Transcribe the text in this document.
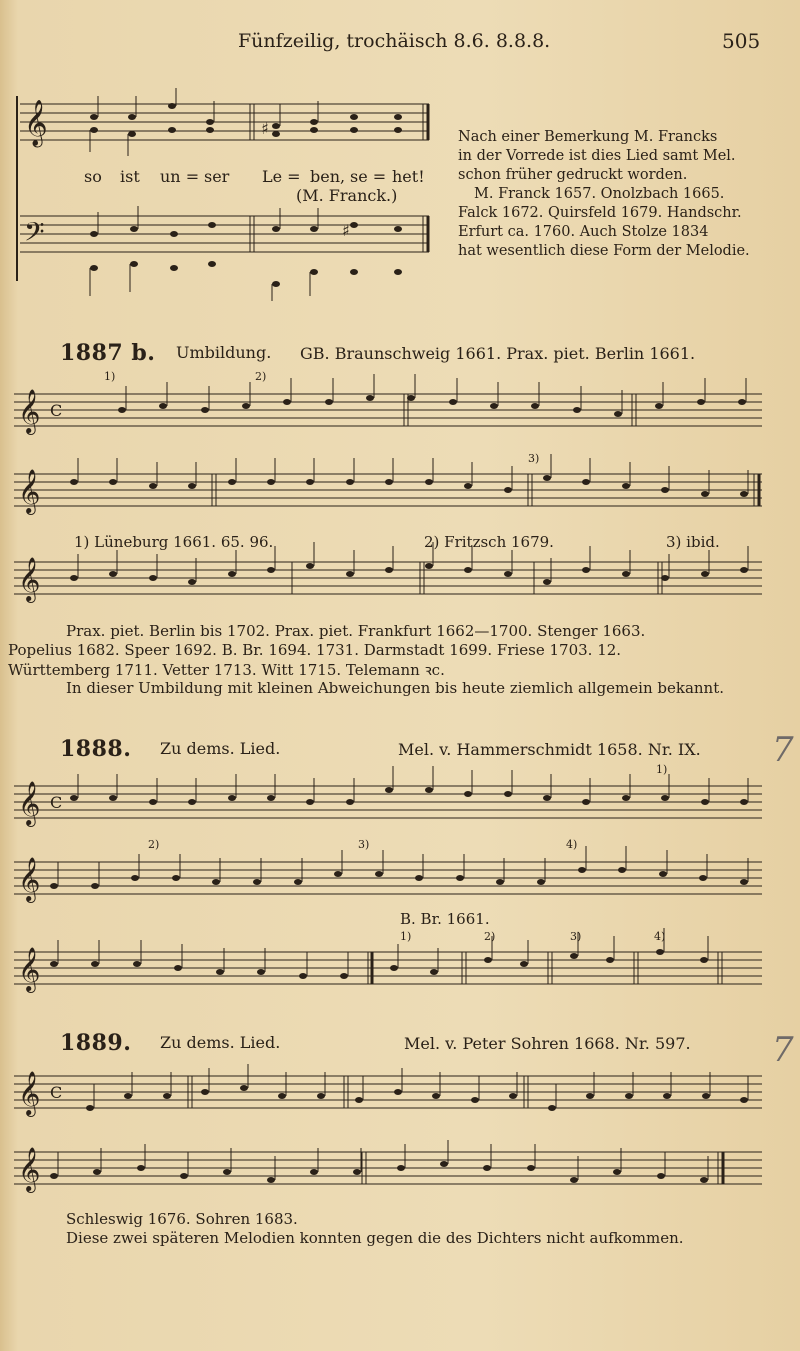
Fünfzeilig, trochäisch 8.6. 8.8.8.	505
𝄞
𝄢
♯
♯
so ist un = ser Le = ben, se = het!
(M. Franck.)
Nach einer Bemerkung M. Francks
in der Vorrede ist dies Lied samt Mel.
schon früher gedruckt worden.
M. Franck 1657. Onolzbach 1665.
Falck 1672. Quirsfeld 1679. Handschr.
Erfurt ca. 1760. Auch Stolze 1834
hat wesentlich diese Form der Melodie.
1887 b. Umbildung. GB. Braunschweig 1661. Prax. piet. Berlin 1661.
1)	2)
3)
𝄞 C
𝄞
1) Lüneburg 1661. 65. 96.	2) Fritzsch 1679.	3) ibid.
𝄞
Prax. piet. Berlin bis 1702. Prax. piet. Frankfurt 1662—1700. Stenger 1663.
Popelius 1682. Speer 1692. B. Br. 1694. 1731. Darmstadt 1699. Friese 1703. 12.
Württemberg 1711. Vetter 1713. Witt 1715. Telemann ꝛc.
In dieser Umbildung mit kleinen Abweichungen bis heute ziemlich allgemein bekannt.
1888. Zu dems. Lied.	Mel. v. Hammerschmidt 1658. Nr. IX.
1)
𝄞 C
2)	3)	4)
𝄞
B. Br. 1661.
1)	2)	3)	4)
𝄞
1889. Zu dems. Lied.	Mel. v. Peter Sohren 1668. Nr. 597.
𝄞 C
𝄞
Schleswig 1676. Sohren 1683.
Diese zwei späteren Melodien konnten gegen die des Dichters nicht aufkommen.
7
7
